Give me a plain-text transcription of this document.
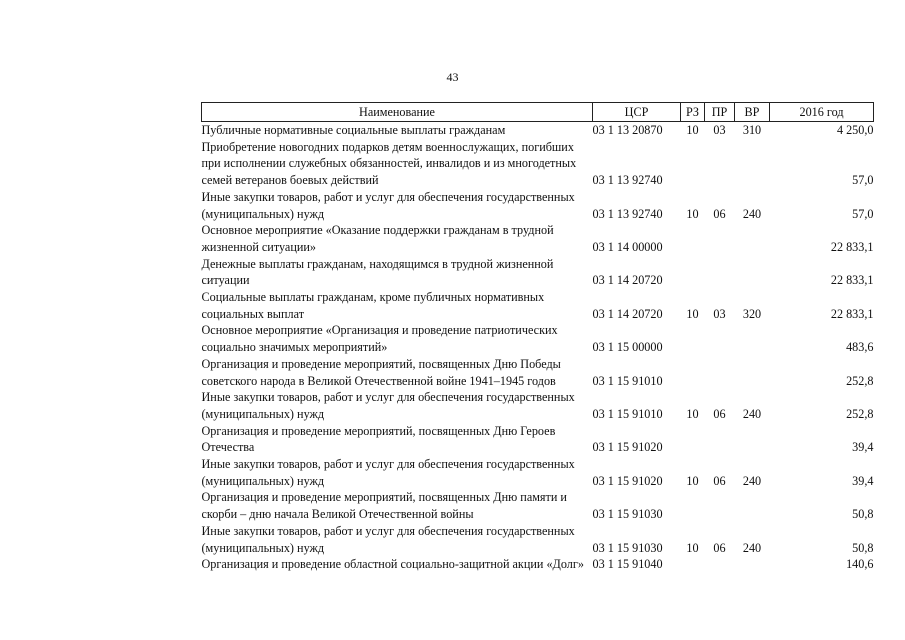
43
Наименование	ЦСР	РЗ	ПР	ВР	2016 год
Публичные нормативные социальные выплаты гражданам	03 1 13 20870	10	03	310	4 250,0
Приобретение новогодних подарков детям военнослужащих, погибших при исполнении служебных обязанностей, инвалидов и из многодетных семей ветеранов боевых действий	03 1 13 92740				57,0
Иные закупки товаров, работ и услуг для обеспечения государственных (муниципальных) нужд	03 1 13 92740	10	06	240	57,0
Основное мероприятие «Оказание поддержки гражданам в трудной жизненной ситуации»	03 1 14 00000				22 833,1
Денежные выплаты гражданам, находящимся в трудной жизненной ситуации	03 1 14 20720				22 833,1
Социальные выплаты гражданам, кроме публичных нормативных социальных выплат	03 1 14 20720	10	03	320	22 833,1
Основное мероприятие «Организация и проведение патриотических социально значимых мероприятий»	03 1 15 00000				483,6
Организация и проведение мероприятий, посвященных Дню Победы советского народа в Великой Отечественной войне 1941–1945 годов	03 1 15 91010				252,8
Иные закупки товаров, работ и услуг для обеспечения государственных (муниципальных) нужд	03 1 15 91010	10	06	240	252,8
Организация и проведение мероприятий, посвященных Дню Героев Отечества	03 1 15 91020				39,4
Иные закупки товаров, работ и услуг для обеспечения государственных (муниципальных) нужд	03 1 15 91020	10	06	240	39,4
Организация и проведение мероприятий, посвященных Дню памяти и скорби – дню начала Великой Отечественной войны	03 1 15 91030				50,8
Иные закупки товаров, работ и услуг для обеспечения государственных (муниципальных) нужд	03 1 15 91030	10	06	240	50,8
Организация и проведение областной социально-защитной акции «Долг»	03 1 15 91040				140,6
